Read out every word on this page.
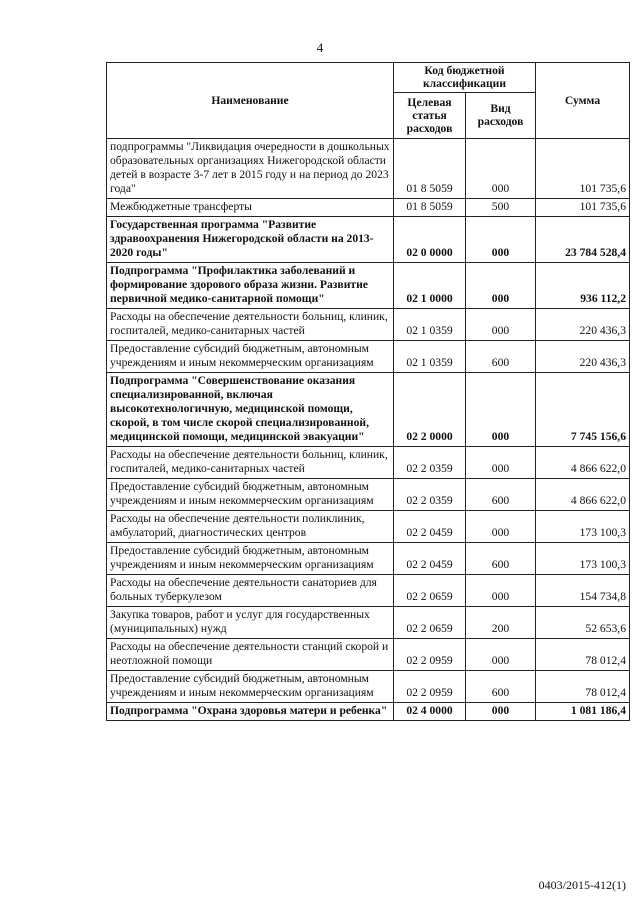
4
Наименование	Код бюджетной классификации		Сумма
	Целевая статья расходов	Вид расходов	
подпрограммы "Ликвидация очередности в дошкольных образовательных организациях Нижегородской области детей в возрасте 3-7 лет в 2015 году и на период до 2023 года"	01 8 5059	000	101 735,6
Межбюджетные трансферты	01 8 5059	500	101 735,6
Государственная программа "Развитие здравоохранения Нижегородской области на 2013-2020 годы"	02 0 0000	000	23 784 528,4
Подпрограмма "Профилактика заболеваний и формирование здорового образа жизни. Развитие первичной медико-санитарной помощи"	02 1 0000	000	936 112,2
Расходы на обеспечение деятельности больниц, клиник, госпиталей, медико-санитарных частей	02 1 0359	000	220 436,3
Предоставление субсидий бюджетным, автономным учреждениям и иным некоммерческим организациям	02 1 0359	600	220 436,3
Подпрограмма "Совершенствование оказания специализированной, включая высокотехнологичную, медицинской помощи, скорой, в том числе скорой специализированной, медицинской помощи, медицинской эвакуации"	02 2 0000	000	7 745 156,6
Расходы на обеспечение деятельности больниц, клиник, госпиталей, медико-санитарных частей	02 2 0359	000	4 866 622,0
Предоставление субсидий бюджетным, автономным учреждениям и иным некоммерческим организациям	02 2 0359	600	4 866 622,0
Расходы на обеспечение деятельности поликлиник, амбулаторий, диагностических центров	02 2 0459	000	173 100,3
Предоставление субсидий бюджетным, автономным учреждениям и иным некоммерческим организациям	02 2 0459	600	173 100,3
Расходы на обеспечение деятельности санаториев для больных туберкулезом	02 2 0659	000	154 734,8
Закупка товаров, работ и услуг для государственных (муниципальных) нужд	02 2 0659	200	52 653,6
Расходы на обеспечение деятельности станций скорой и неотложной помощи	02 2 0959	000	78 012,4
Предоставление субсидий бюджетным, автономным учреждениям и иным некоммерческим организациям	02 2 0959	600	78 012,4
Подпрограмма "Охрана здоровья матери и ребенка"	02 4 0000	000	1 081 186,4
0403/2015-412(1)
